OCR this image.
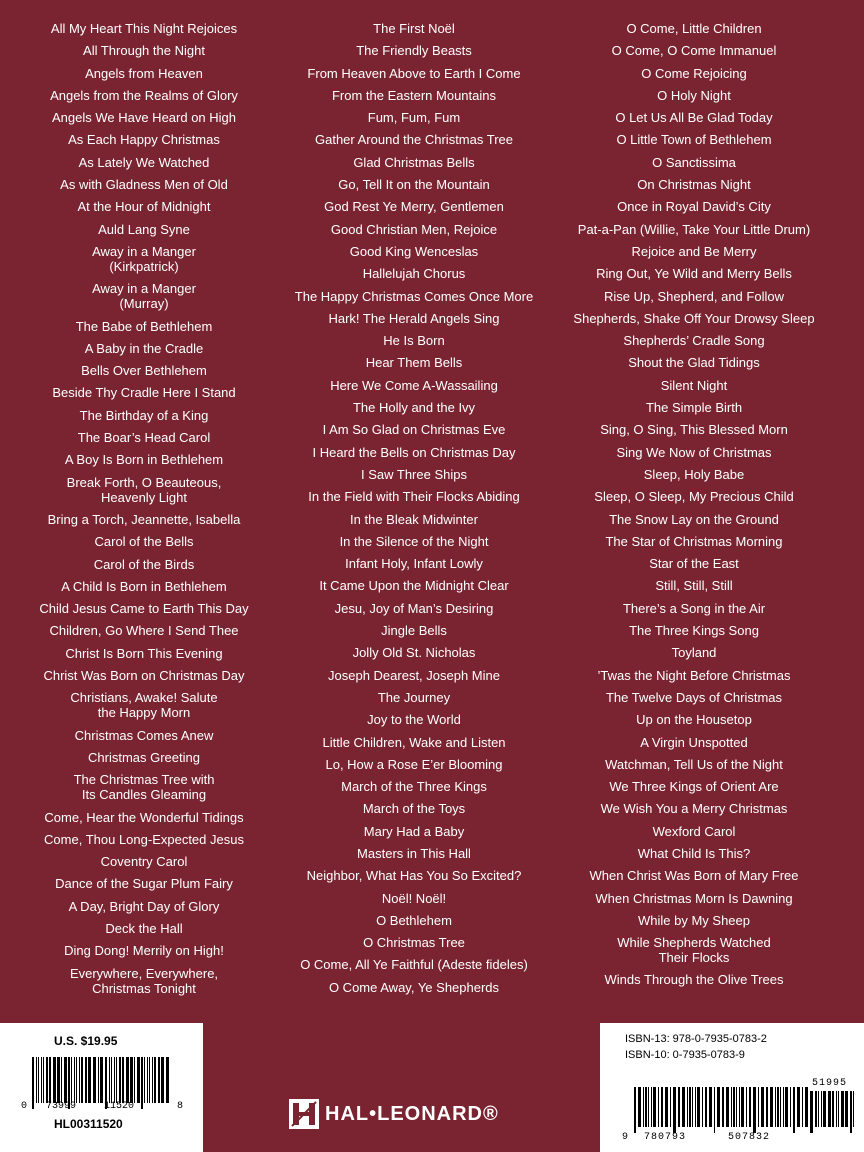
All My Heart This Night Rejoices
All Through the Night
Angels from Heaven
Angels from the Realms of Glory
Angels We Have Heard on High
As Each Happy Christmas
As Lately We Watched
As with Gladness Men of Old
At the Hour of Midnight
Auld Lang Syne
Away in a Manger
(Kirkpatrick)
Away in a Manger
(Murray)
The Babe of Bethlehem
A Baby in the Cradle
Bells Over Bethlehem
Beside Thy Cradle Here I Stand
The Birthday of a King
The Boar’s Head Carol
A Boy Is Born in Bethlehem
Break Forth, O Beauteous,
Heavenly Light
Bring a Torch, Jeannette, Isabella
Carol of the Bells
Carol of the Birds
A Child Is Born in Bethlehem
Child Jesus Came to Earth This Day
Children, Go Where I Send Thee
Christ Is Born This Evening
Christ Was Born on Christmas Day
Christians, Awake! Salute
the Happy Morn
Christmas Comes Anew
Christmas Greeting
The Christmas Tree with
Its Candles Gleaming
Come, Hear the Wonderful Tidings
Come, Thou Long-Expected Jesus
Coventry Carol
Dance of the Sugar Plum Fairy
A Day, Bright Day of Glory
Deck the Hall
Ding Dong! Merrily on High!
Everywhere, Everywhere,
Christmas Tonight
The First Noël
The Friendly Beasts
From Heaven Above to Earth I Come
From the Eastern Mountains
Fum, Fum, Fum
Gather Around the Christmas Tree
Glad Christmas Bells
Go, Tell It on the Mountain
God Rest Ye Merry, Gentlemen
Good Christian Men, Rejoice
Good King Wenceslas
Hallelujah Chorus
The Happy Christmas Comes Once More
Hark! The Herald Angels Sing
He Is Born
Hear Them Bells
Here We Come A-Wassailing
The Holly and the Ivy
I Am So Glad on Christmas Eve
I Heard the Bells on Christmas Day
I Saw Three Ships
In the Field with Their Flocks Abiding
In the Bleak Midwinter
In the Silence of the Night
Infant Holy, Infant Lowly
It Came Upon the Midnight Clear
Jesu, Joy of Man’s Desiring
Jingle Bells
Jolly Old St. Nicholas
Joseph Dearest, Joseph Mine
The Journey
Joy to the World
Little Children, Wake and Listen
Lo, How a Rose E’er Blooming
March of the Three Kings
March of the Toys
Mary Had a Baby
Masters in This Hall
Neighbor, What Has You So Excited?
Noël! Noël!
O Bethlehem
O Christmas Tree
O Come, All Ye Faithful (Adeste fideles)
O Come Away, Ye Shepherds
O Come, Little Children
O Come, O Come Immanuel
O Come Rejoicing
O Holy Night
O Let Us All Be Glad Today
O Little Town of Bethlehem
O Sanctissima
On Christmas Night
Once in Royal David’s City
Pat-a-Pan (Willie, Take Your Little Drum)
Rejoice and Be Merry
Ring Out, Ye Wild and Merry Bells
Rise Up, Shepherd, and Follow
Shepherds, Shake Off Your Drowsy Sleep
Shepherds’ Cradle Song
Shout the Glad Tidings
Silent Night
The Simple Birth
Sing, O Sing, This Blessed Morn
Sing We Now of Christmas
Sleep, Holy Babe
Sleep, O Sleep, My Precious Child
The Snow Lay on the Ground
The Star of Christmas Morning
Star of the East
Still, Still, Still
There’s a Song in the Air
The Three Kings Song
Toyland
’Twas the Night Before Christmas
The Twelve Days of Christmas
Up on the Housetop
A Virgin Unspotted
Watchman, Tell Us of the Night
We Three Kings of Orient Are
We Wish You a Merry Christmas
Wexford Carol
What Child Is This?
When Christ Was Born of Mary Free
When Christmas Morn Is Dawning
While by My Sheep
While Shepherds Watched
Their Flocks
Winds Through the Olive Trees
U.S. $19.95
0 73999	11520	8
HL00311520	HAL•LEONARD®
ISBN-13: 978-0-7935-0783-2
ISBN-10: 0-7935-0783-9
51995
9 780793	507832
